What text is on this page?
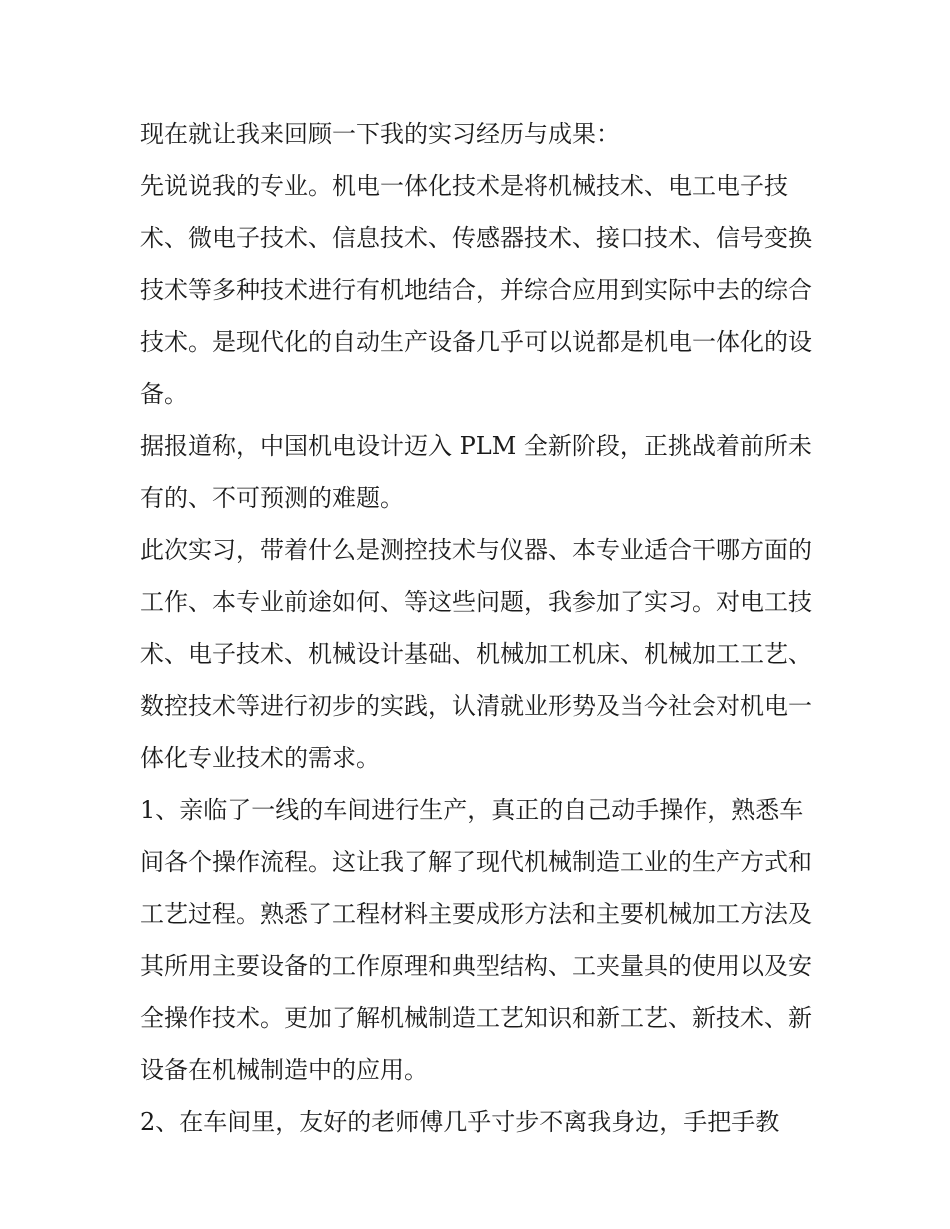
现在就让我来回顾一下我的实习经历与成果：

先说说我的专业。机电一体化技术是将机械技术、电工电子技术、微电子技术、信息技术、传感器技术、接口技术、信号变换技术等多种技术进行有机地结合，并综合应用到实际中去的综合技术。是现代化的自动生产设备几乎可以说都是机电一体化的设备。

据报道称，中国机电设计迈入 PLM 全新阶段，正挑战着前所未有的、不可预测的难题。

此次实习，带着什么是测控技术与仪器、本专业适合干哪方面的工作、本专业前途如何、等这些问题，我参加了实习。对电工技术、电子技术、机械设计基础、机械加工机床、机械加工工艺、数控技术等进行初步的实践，认清就业形势及当今社会对机电一体化专业技术的需求。

1、亲临了一线的车间进行生产，真正的自己动手操作，熟悉车间各个操作流程。这让我了解了现代机械制造工业的生产方式和工艺过程。熟悉了工程材料主要成形方法和主要机械加工方法及其所用主要设备的工作原理和典型结构、工夹量具的使用以及安全操作技术。更加了解机械制造工艺知识和新工艺、新技术、新设备在机械制造中的应用。

2、在车间里，友好的老师傅几乎寸步不离我身边，手把手教
